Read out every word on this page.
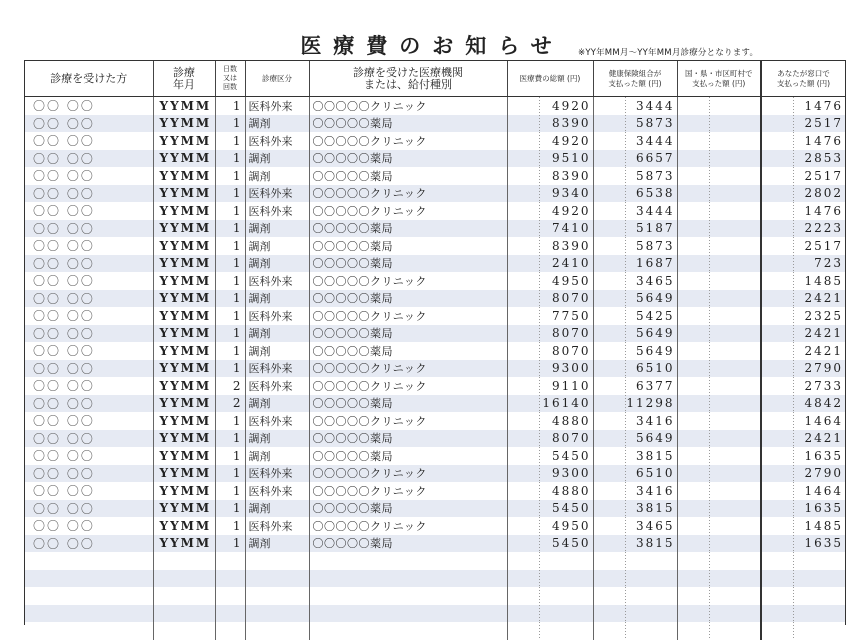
医療費のお知らせ	※YY年MM月～YY年MM月診療分となります。
診療を受けた方	診療
年月	日数
又は
回数	診療区分	診療を受けた医療機関
または、給付種別	医療費の総額 (円)	健康保険組合が
支払った額 (円)	国・県・市区町村で
支払った額 (円)	あなたが窓口で
支払った額 (円)
〇〇 〇〇	YYMM	1	医科外来	〇〇〇〇〇クリニック	4920	3444		1476
〇〇 〇〇	YYMM	1	調剤	〇〇〇〇〇薬局	8390	5873		2517
〇〇 〇〇	YYMM	1	医科外来	〇〇〇〇〇クリニック	4920	3444		1476
〇〇 〇〇	YYMM	1	調剤	〇〇〇〇〇薬局	9510	6657		2853
〇〇 〇〇	YYMM	1	調剤	〇〇〇〇〇薬局	8390	5873		2517
〇〇 〇〇	YYMM	1	医科外来	〇〇〇〇〇クリニック	9340	6538		2802
〇〇 〇〇	YYMM	1	医科外来	〇〇〇〇〇クリニック	4920	3444		1476
〇〇 〇〇	YYMM	1	調剤	〇〇〇〇〇薬局	7410	5187		2223
〇〇 〇〇	YYMM	1	調剤	〇〇〇〇〇薬局	8390	5873		2517
〇〇 〇〇	YYMM	1	調剤	〇〇〇〇〇薬局	2410	1687		723
〇〇 〇〇	YYMM	1	医科外来	〇〇〇〇〇クリニック	4950	3465		1485
〇〇 〇〇	YYMM	1	調剤	〇〇〇〇〇薬局	8070	5649		2421
〇〇 〇〇	YYMM	1	医科外来	〇〇〇〇〇クリニック	7750	5425		2325
〇〇 〇〇	YYMM	1	調剤	〇〇〇〇〇薬局	8070	5649		2421
〇〇 〇〇	YYMM	1	調剤	〇〇〇〇〇薬局	8070	5649		2421
〇〇 〇〇	YYMM	1	医科外来	〇〇〇〇〇クリニック	9300	6510		2790
〇〇 〇〇	YYMM	2	医科外来	〇〇〇〇〇クリニック	9110	6377		2733
〇〇 〇〇	YYMM	2	調剤	〇〇〇〇〇薬局	16140	11298		4842
〇〇 〇〇	YYMM	1	医科外来	〇〇〇〇〇クリニック	4880	3416		1464
〇〇 〇〇	YYMM	1	調剤	〇〇〇〇〇薬局	8070	5649		2421
〇〇 〇〇	YYMM	1	調剤	〇〇〇〇〇薬局	5450	3815		1635
〇〇 〇〇	YYMM	1	医科外来	〇〇〇〇〇クリニック	9300	6510		2790
〇〇 〇〇	YYMM	1	医科外来	〇〇〇〇〇クリニック	4880	3416		1464
〇〇 〇〇	YYMM	1	調剤	〇〇〇〇〇薬局	5450	3815		1635
〇〇 〇〇	YYMM	1	医科外来	〇〇〇〇〇クリニック	4950	3465		1485
〇〇 〇〇	YYMM	1	調剤	〇〇〇〇〇薬局	5450	3815		1635
